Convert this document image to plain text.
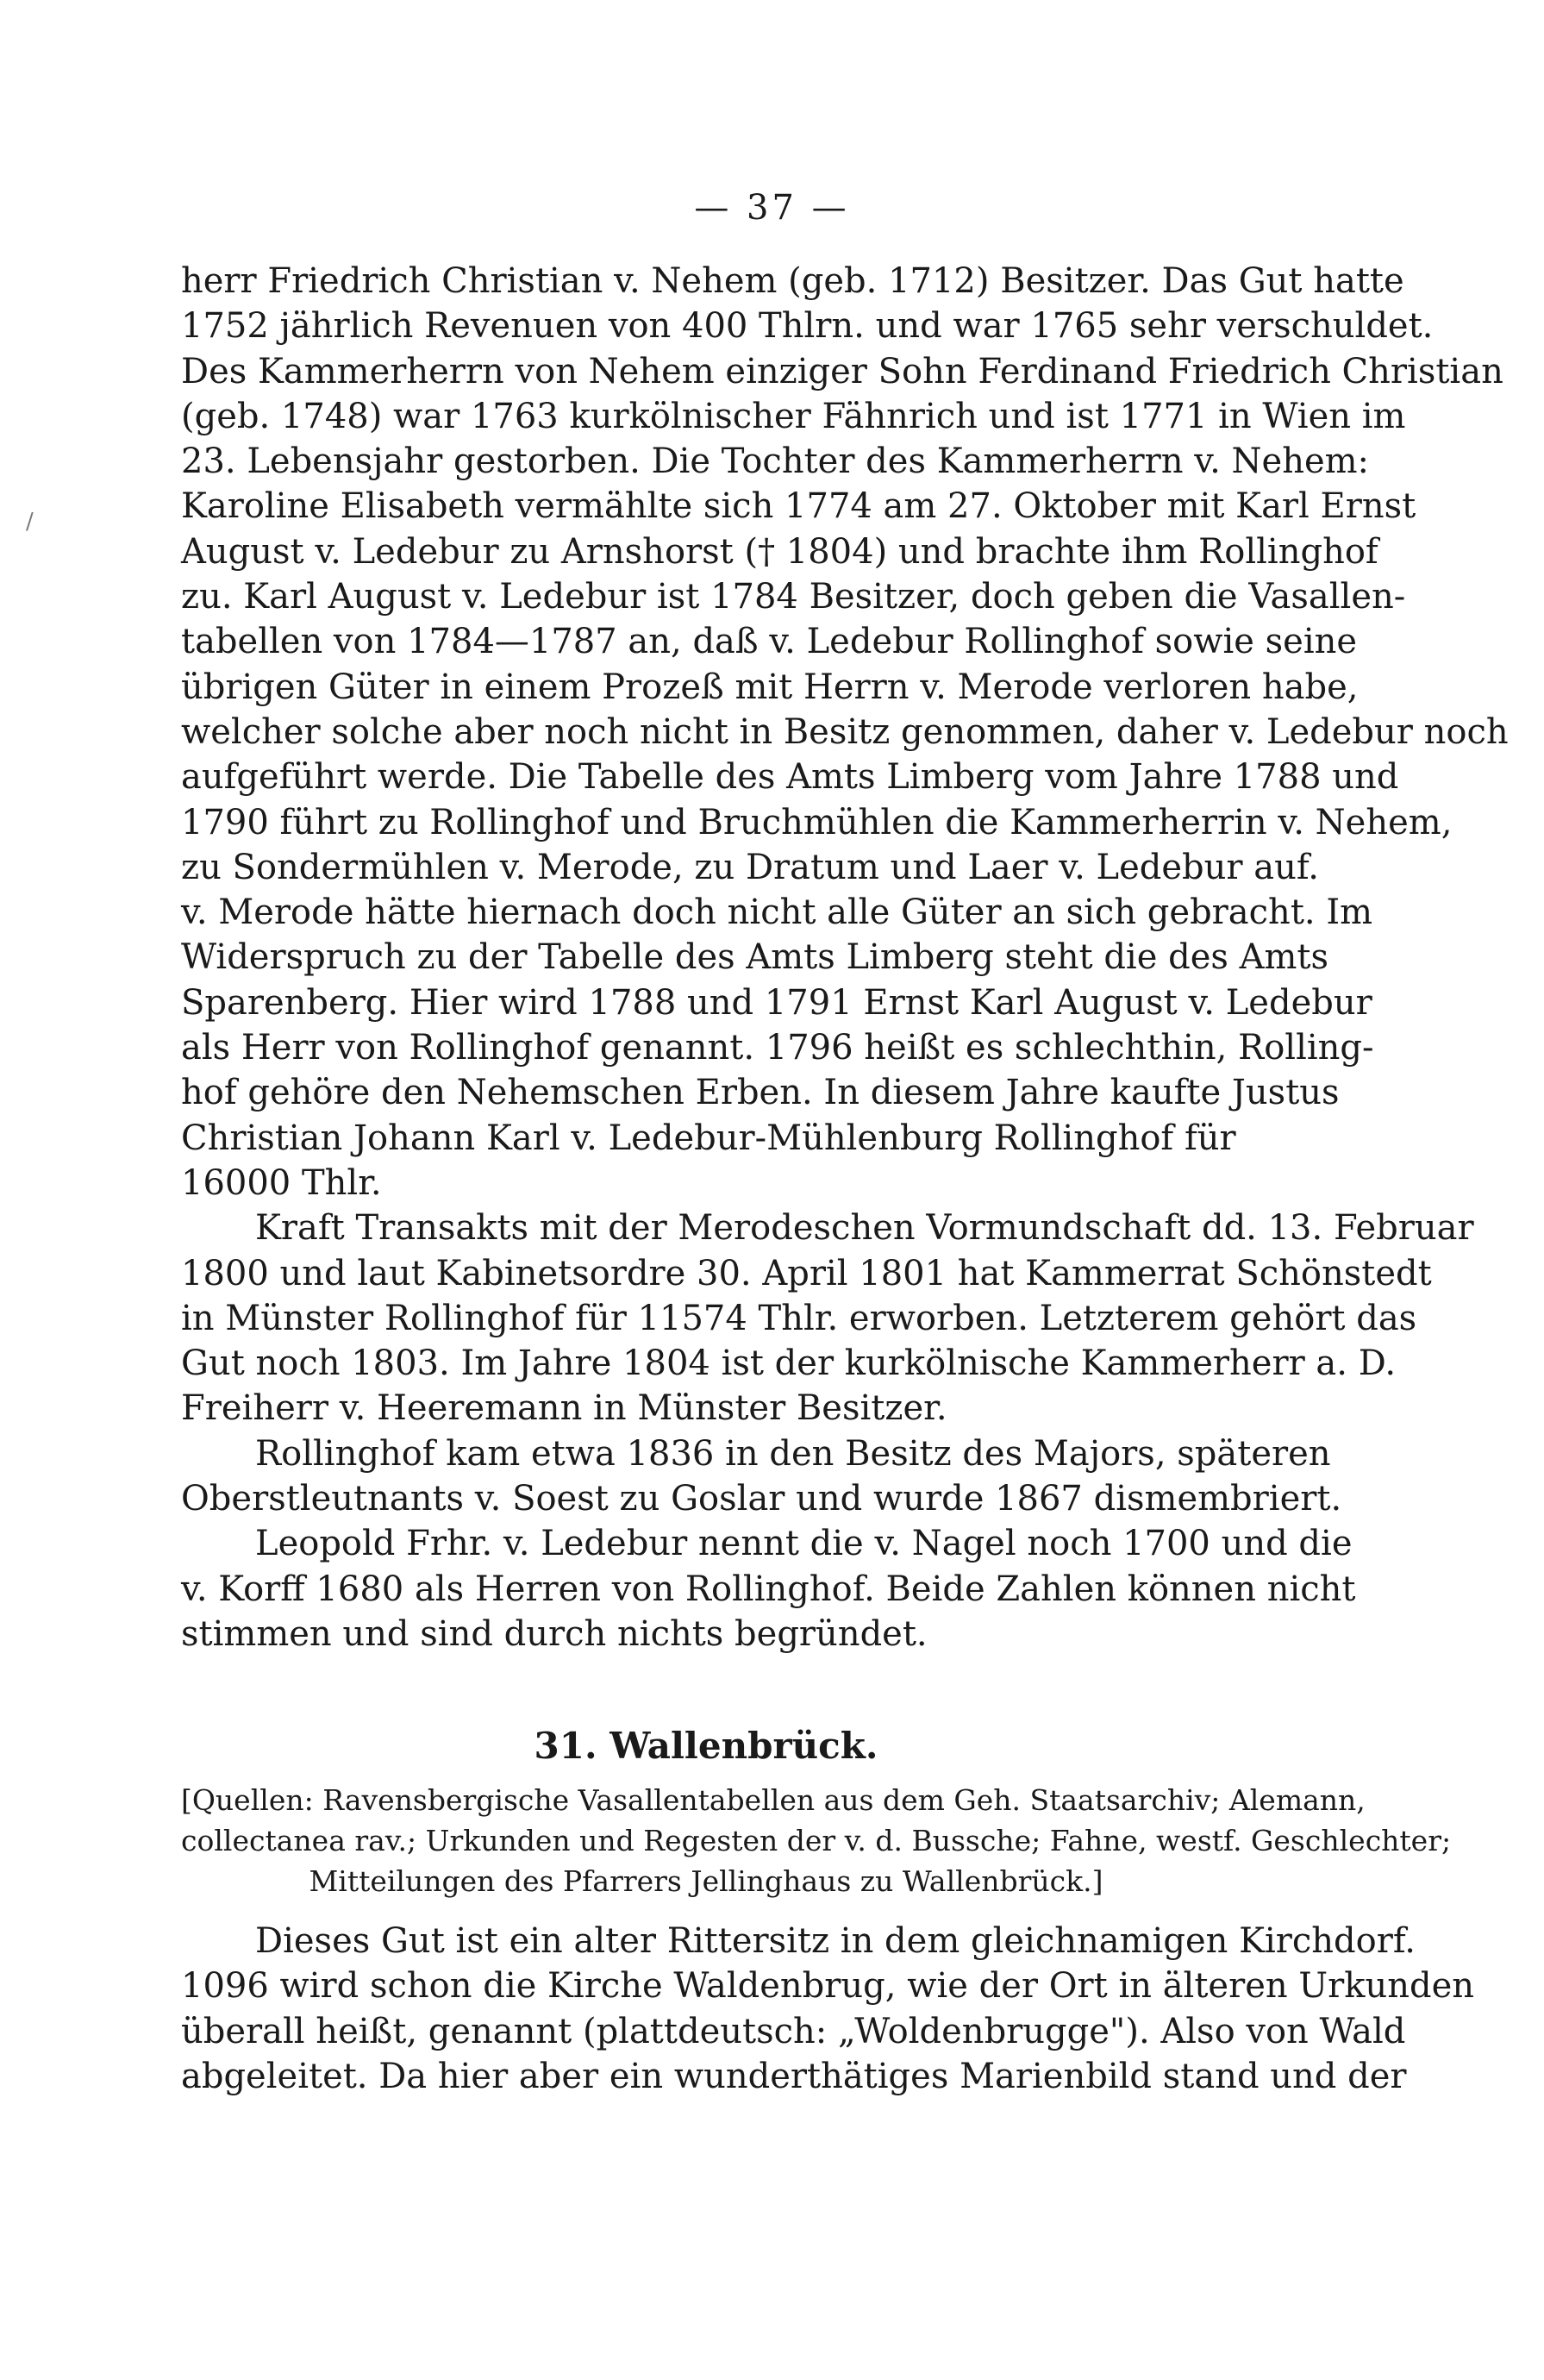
— 37 —
/
herr Friedrich Christian v. Nehem (geb. 1712) Besitzer. Das Gut hatte
1752 jährlich Revenuen von 400 Thlrn. und war 1765 sehr verschuldet.
Des Kammerherrn von Nehem einziger Sohn Ferdinand Friedrich Christian
(geb. 1748) war 1763 kurkölnischer Fähnrich und ist 1771 in Wien im
23. Lebensjahr gestorben. Die Tochter des Kammerherrn v. Nehem:
Karoline Elisabeth vermählte sich 1774 am 27. Oktober mit Karl Ernst
August v. Ledebur zu Arnshorst († 1804) und brachte ihm Rollinghof
zu. Karl August v. Ledebur ist 1784 Besitzer, doch geben die Vasallen-
tabellen von 1784—1787 an, daß v. Ledebur Rollinghof sowie seine
übrigen Güter in einem Prozeß mit Herrn v. Merode verloren habe,
welcher solche aber noch nicht in Besitz genommen, daher v. Ledebur noch
aufgeführt werde. Die Tabelle des Amts Limberg vom Jahre 1788 und
1790 führt zu Rollinghof und Bruchmühlen die Kammerherrin v. Nehem,
zu Sondermühlen v. Merode, zu Dratum und Laer v. Ledebur auf.
v. Merode hätte hiernach doch nicht alle Güter an sich gebracht. Im
Widerspruch zu der Tabelle des Amts Limberg steht die des Amts
Sparenberg. Hier wird 1788 und 1791 Ernst Karl August v. Ledebur
als Herr von Rollinghof genannt. 1796 heißt es schlechthin, Rolling-
hof gehöre den Nehemschen Erben. In diesem Jahre kaufte Justus
Christian Johann Karl v. Ledebur-Mühlenburg Rollinghof für
16000 Thlr.
Kraft Transakts mit der Merodeschen Vormundschaft dd. 13. Februar
1800 und laut Kabinetsordre 30. April 1801 hat Kammerrat Schönstedt
in Münster Rollinghof für 11574 Thlr. erworben. Letzterem gehört das
Gut noch 1803. Im Jahre 1804 ist der kurkölnische Kammerherr a. D.
Freiherr v. Heeremann in Münster Besitzer.
Rollinghof kam etwa 1836 in den Besitz des Majors, späteren
Oberstleutnants v. Soest zu Goslar und wurde 1867 dismembriert.
Leopold Frhr. v. Ledebur nennt die v. Nagel noch 1700 und die
v. Korff 1680 als Herren von Rollinghof. Beide Zahlen können nicht
stimmen und sind durch nichts begründet.
31. Wallenbrück.
[Quellen: Ravensbergische Vasallentabellen aus dem Geh. Staatsarchiv; Alemann,
collectanea rav.; Urkunden und Regesten der v. d. Bussche; Fahne, westf. Geschlechter;
Mitteilungen des Pfarrers Jellinghaus zu Wallenbrück.]
Dieses Gut ist ein alter Rittersitz in dem gleichnamigen Kirchdorf.
1096 wird schon die Kirche Waldenbrug, wie der Ort in älteren Urkunden
überall heißt, genannt (plattdeutsch: „Woldenbrugge"). Also von Wald
abgeleitet. Da hier aber ein wunderthätiges Marienbild stand und der
